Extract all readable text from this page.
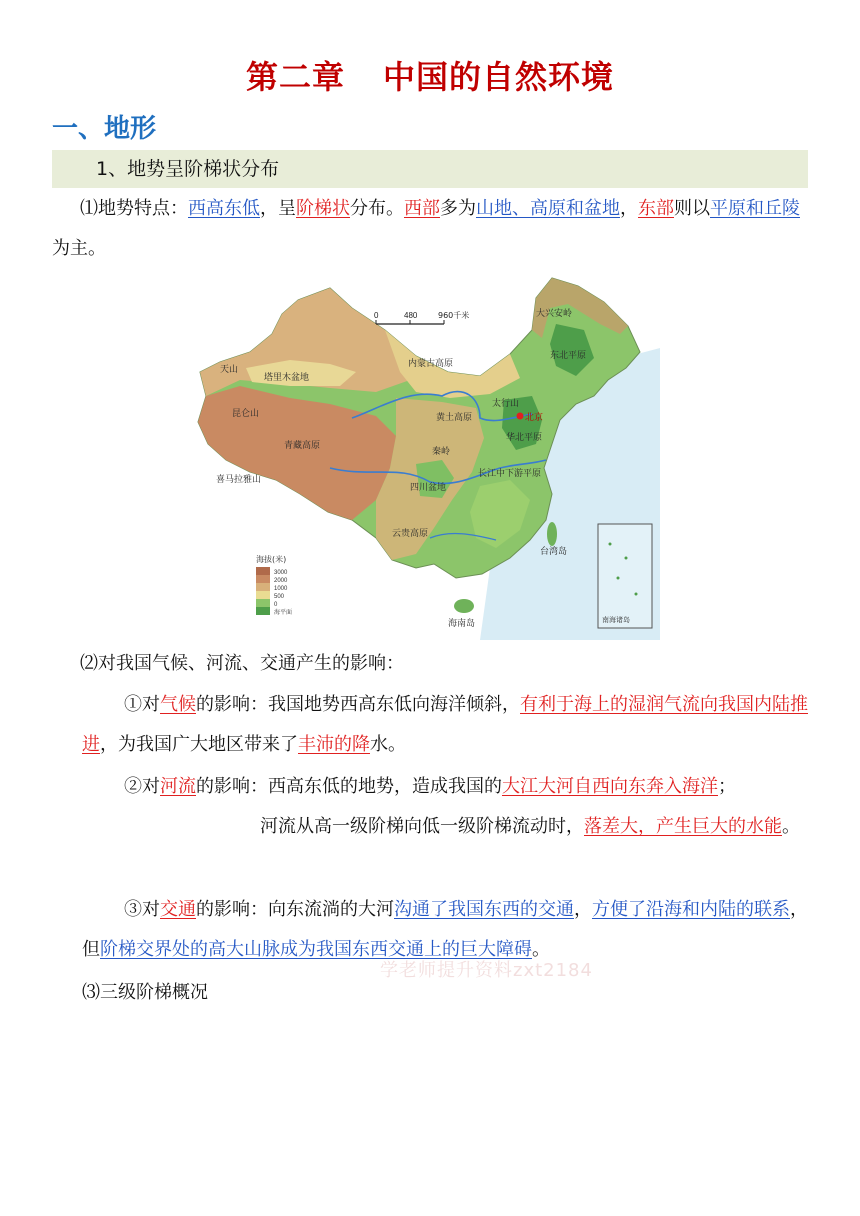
第二章 中国的自然环境
一、地形
1、地势呈阶梯状分布
⑴地势特点：西高东低，呈阶梯状分布。西部多为山地、高原和盆地，东部则以平原和丘陵为主。
0	480	960千米
海拔(米)
3000
2000
1000
500
0
海平面
南海诸岛
天山
昆仑山
喜马拉雅山
青藏高原
塔里木盆地
四川盆地
内蒙古高原
黄土高原
云贵高原
华北平原
东北平原
长江中下游平原
大兴安岭
太行山
北京
秦岭
台湾岛
海南岛
⑵对我国气候、河流、交通产生的影响：
①对气候的影响：我国地势西高东低向海洋倾斜，有利于海上的湿润气流向我国内陆推进，为我国广大地区带来了丰沛的降水。
②对河流的影响：西高东低的地势，造成我国的大江大河自西向东奔入海洋；
河流从高一级阶梯向低一级阶梯流动时，落差大，产生巨大的水能。
③对交通的影响：向东流淌的大河沟通了我国东西的交通，方便了沿海和内陆的联系，但阶梯交界处的高大山脉成为我国东西交通上的巨大障碍。
学老师提升资料zxt2184
⑶三级阶梯概况
